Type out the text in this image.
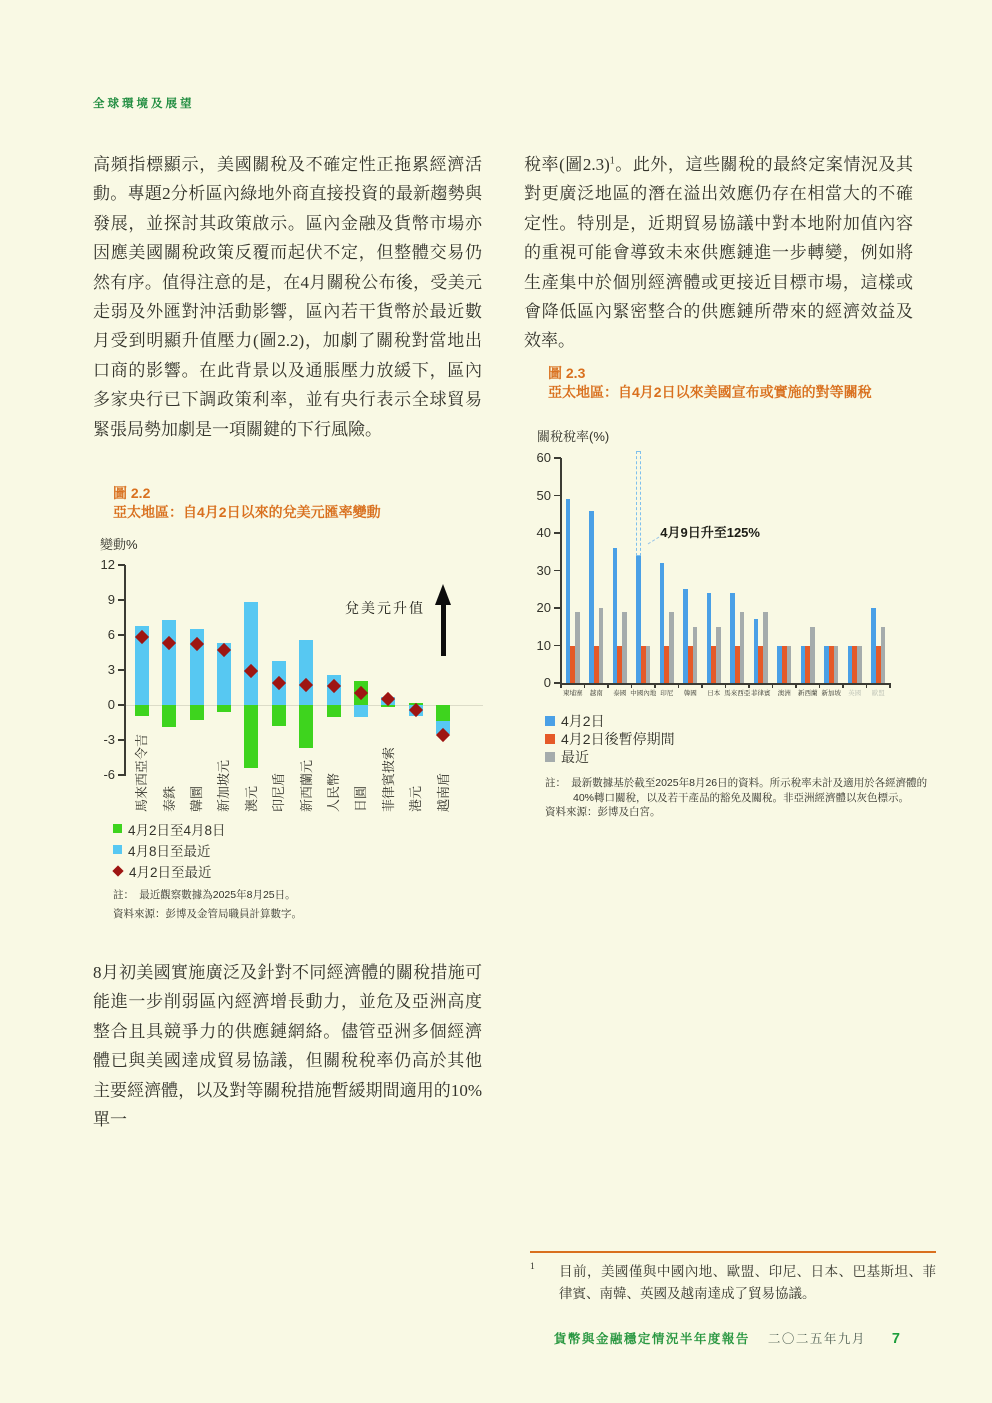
全球環境及展望

高頻指標顯示，美國關稅及不確定性正拖累經濟活動。專題2分析區內綠地外商直接投資的最新趨勢與發展，並探討其政策啟示。區內金融及貨幣市場亦因應美國關稅政策反覆而起伏不定，但整體交易仍然有序。值得注意的是，在4月關稅公布後，受美元走弱及外匯對沖活動影響，區內若干貨幣於最近數月受到明顯升值壓力(圖2.2)，加劇了關稅對當地出口商的影響。在此背景以及通脹壓力放緩下，區內多家央行已下調政策利率，並有央行表示全球貿易緊張局勢加劇是一項關鍵的下行風險。

圖 2.2
亞太地區：自4月2日以來的兌美元匯率變動
變動%
12
9
6
3
0
-3
-6 馬來西亞令吉 泰銖 韓圜 新加坡元 澳元 印尼盾 新西蘭元 人民幣 日圓 菲律賓披索 港元 越南盾
兌美元升值
4月2日至4月8日
4月8日至最近
4月2日至最近
註：　最近觀察數據為2025年8月25日。
資料來源：彭博及金管局職員計算數字。

8月初美國實施廣泛及針對不同經濟體的關稅措施可能進一步削弱區內經濟增長動力，並危及亞洲高度整合且具競爭力的供應鏈網絡。儘管亞洲多個經濟體已與美國達成貿易協議，但關稅稅率仍高於其他主要經濟體，以及對等關稅措施暫緩期間適用的10%單一

稅率(圖2.3)$^1$。此外，這些關稅的最終定案情況及其對更廣泛地區的潛在溢出效應仍存在相當大的不確定性。特別是，近期貿易協議中對本地附加值內容的重視可能會導致未來供應鏈進一步轉變，例如將生產集中於個別經濟體或更接近目標市場，這樣或會降低區內緊密整合的供應鏈所帶來的經濟效益及效率。

圖 2.3
亞太地區：自4月2日以來美國宣布或實施的對等關稅
關稅稅率(%)
60
50
40
30
20
10
0
柬埔寨	越南	泰國 中國內地
4月9日升至125%
印尼	韓國	日本 馬來西亞 菲律賓	澳洲	新西蘭 新加坡	英國	歐盟
4月2日
4月2日後暫停期間
最近
註：　最新數據基於截至2025年8月26日的資料。所示稅率未計及適用於各經濟體的
40%轉口關稅，以及若干產品的豁免及關稅。非亞洲經濟體以灰色標示。
資料來源：彭博及白宮。
1	目前，美國僅與中國內地、歐盟、印尼、日本、巴基斯坦、菲律賓、南韓、英國及越南達成了貿易協議。
貨幣與金融穩定情況半年度報告 二〇二五年九月 7
